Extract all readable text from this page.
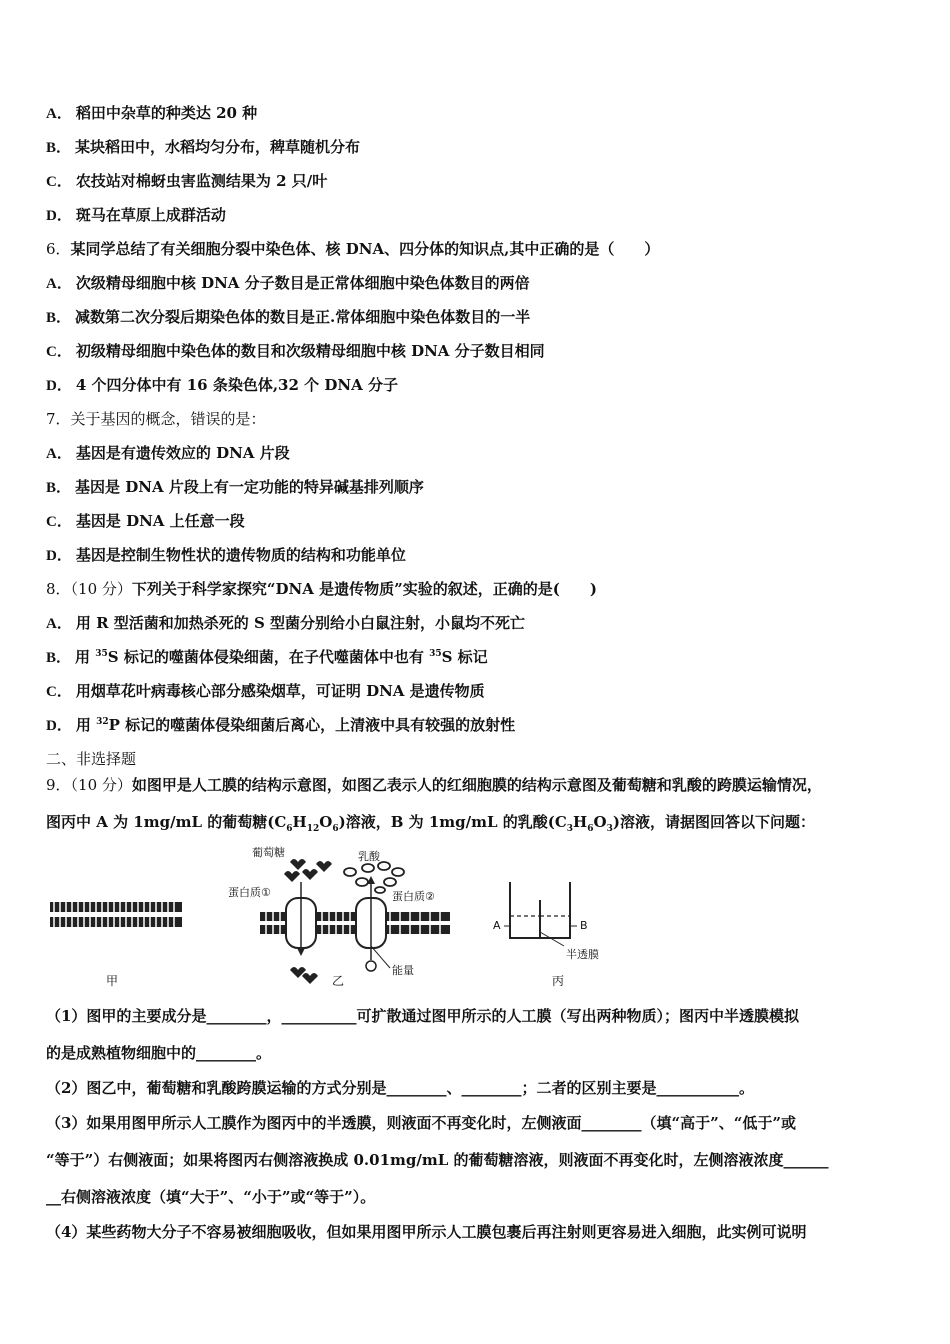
A． 稻田中杂草的种类达 20 种
B． 某块稻田中，水稻均匀分布，稗草随机分布
C． 农技站对棉蚜虫害监测结果为 2 只/叶
D． 斑马在草原上成群活动
6．某同学总结了有关细胞分裂中染色体、核 DNA、四分体的知识点,其中正确的是（　　）
A． 次级精母细胞中核 DNA 分子数目是正常体细胞中染色体数目的两倍
B． 减数第二次分裂后期染色体的数目是正.常体细胞中染色体数目的一半
C． 初级精母细胞中染色体的数目和次级精母细胞中核 DNA 分子数目相同
D． 4 个四分体中有 16 条染色体,32 个 DNA 分子
7．关于基因的概念，错误的是：
A． 基因是有遗传效应的 DNA 片段
B． 基因是 DNA 片段上有一定功能的特异碱基排列顺序
C． 基因是 DNA 上任意一段
D． 基因是控制生物性状的遗传物质的结构和功能单位
8．（10 分）下列关于科学家探究“DNA 是遗传物质”实验的叙述，正确的是(　　)
A． 用 R 型活菌和加热杀死的 S 型菌分别给小白鼠注射，小鼠均不死亡
B． 用 $^{35}$S 标记的噬菌体侵染细菌，在子代噬菌体中也有 $^{35}$S 标记
C． 用烟草花叶病毒核心部分感染烟草，可证明 DNA 是遗传物质
D． 用 $^{32}$P 标记的噬菌体侵染细菌后离心，上清液中具有较强的放射性
二、非选择题
9．（10 分）如图甲是人工膜的结构示意图，如图乙表示人的红细胞膜的结构示意图及葡萄糖和乳酸的跨膜运输情况，
图丙中 A 为 1mg/mL 的葡萄糖$(C_6H_{12}O_6)$溶液，B 为 1mg/mL 的乳酸$(C_3H_6O_3)$溶液，请据图回答以下问题：
甲	乙	丙
葡萄糖	乳酸
蛋白质①	蛋白质②
能量
A	B
半透膜
（1）图甲的主要成分是________，__________可扩散通过图甲所示的人工膜（写出两种物质）；图丙中半透膜模拟
的是成熟植物细胞中的________。
（2）图乙中，葡萄糖和乳酸跨膜运输的方式分别是________、________；二者的区别主要是___________。
（3）如果用图甲所示人工膜作为图丙中的半透膜，则液面不再变化时，左侧液面________（填“高于”、“低于”或
“等于”）右侧液面；如果将图丙右侧溶液换成 0.01mg/mL 的葡萄糖溶液，则液面不再变化时，左侧溶液浓度______
__右侧溶液浓度（填“大于”、“小于”或“等于”）。
（4）某些药物大分子不容易被细胞吸收，但如果用图甲所示人工膜包裹后再注射则更容易进入细胞，此实例可说明
